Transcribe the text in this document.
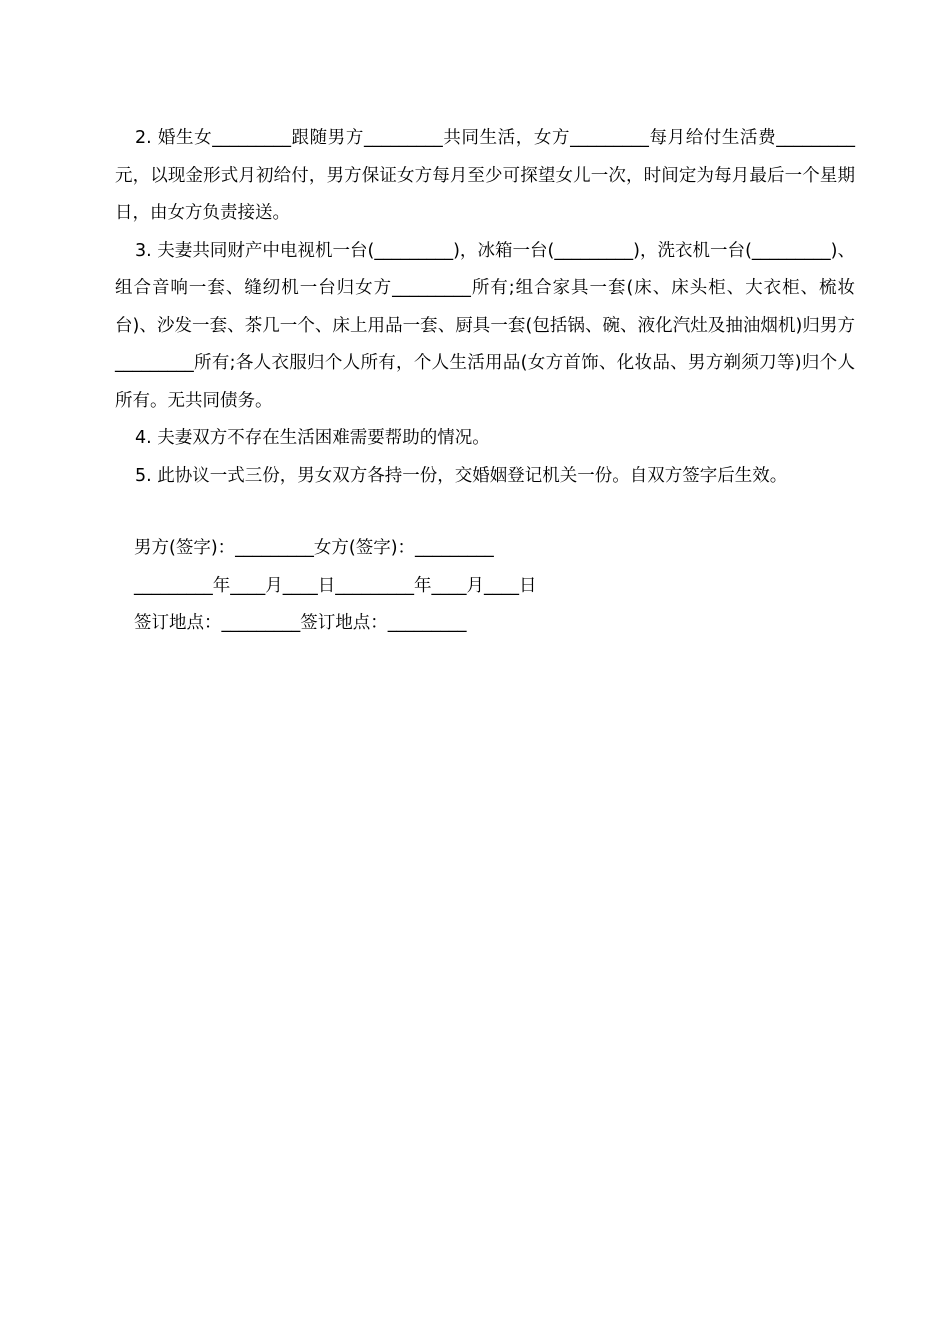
2. 婚生女_________跟随男方_________共同生活，女方_________每月给付生活费_________元，以现金形式月初给付，男方保证女方每月至少可探望女儿一次，时间定为每月最后一个星期日，由女方负责接送。

3. 夫妻共同财产中电视机一台(_________)，冰箱一台(_________)，洗衣机一台(_________)、组合音响一套、缝纫机一台归女方_________所有;组合家具一套(床、床头柜、大衣柜、梳妆台)、沙发一套、茶几一个、床上用品一套、厨具一套(包括锅、碗、液化汽灶及抽油烟机)归男方_________所有;各人衣服归个人所有，个人生活用品(女方首饰、化妆品、男方剃须刀等)归个人所有。无共同债务。

4. 夫妻双方不存在生活困难需要帮助的情况。

5. 此协议一式三份，男女双方各持一份，交婚姻登记机关一份。自双方签字后生效。

男方(签字)：_________女方(签字)：_________

_________年____月____日_________年____月____日

签订地点：_________签订地点：_________
